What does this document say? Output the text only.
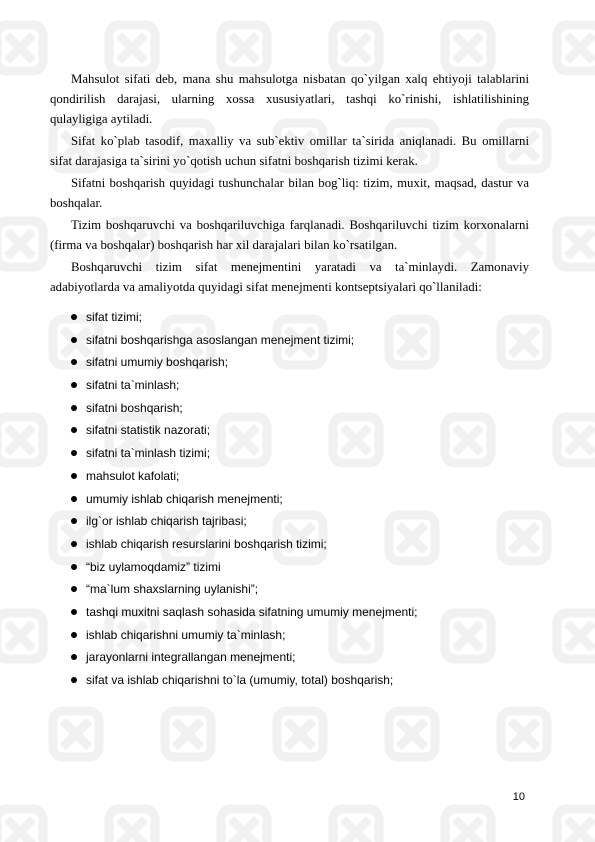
Mahsulot sifati deb, mana shu mahsulotga nisbatan qo`yilgan xalq ehtiyoji talablarini qondirilish darajasi, ularning xossa xususiyatlari, tashqi ko`rinishi, ishlatilishining qulayligiga aytiladi.

Sifat ko`plab tasodif, maxalliy va sub`ektiv omillar ta`sirida aniqlanadi. Bu omillarni sifat darajasiga ta`sirini yo`qotish uchun sifatni boshqarish tizimi kerak.

Sifatni boshqarish quyidagi tushunchalar bilan bog`liq: tizim, muxit, maqsad, dastur va boshqalar.

Tizim boshqaruvchi va boshqariluvchiga farqlanadi. Boshqariluvchi tizim korxonalarni (firma va boshqalar) boshqarish har xil darajalari bilan ko`rsatilgan.

Boshqaruvchi tizim sifat menejmentini yaratadi va ta`minlaydi. Zamonaviy adabiyotlarda va amaliyotda quyidagi sifat menejmenti kontseptsiyalari qo`llaniladi:

sifat tizimi;
sifatni boshqarishga asoslangan menejment tizimi;
sifatni umumiy boshqarish;
sifatni ta`minlash;
sifatni boshqarish;
sifatni statistik nazorati;
sifatni ta`minlash tizimi;
mahsulot kafolati;
umumiy ishlab chiqarish menejmenti;
ilg`or ishlab chiqarish tajribasi;
ishlab chiqarish resurslarini boshqarish tizimi;
“biz uylamoqdamiz” tizimi
“ma`lum shaxslarning uylanishi”;
tashqi muxitni saqlash sohasida sifatning umumiy menejmenti;
ishlab chiqarishni umumiy ta`minlash;
jarayonlarni integrallangan menejmenti;
sifat va ishlab chiqarishni to`la (umumiy, total) boshqarish;
10
